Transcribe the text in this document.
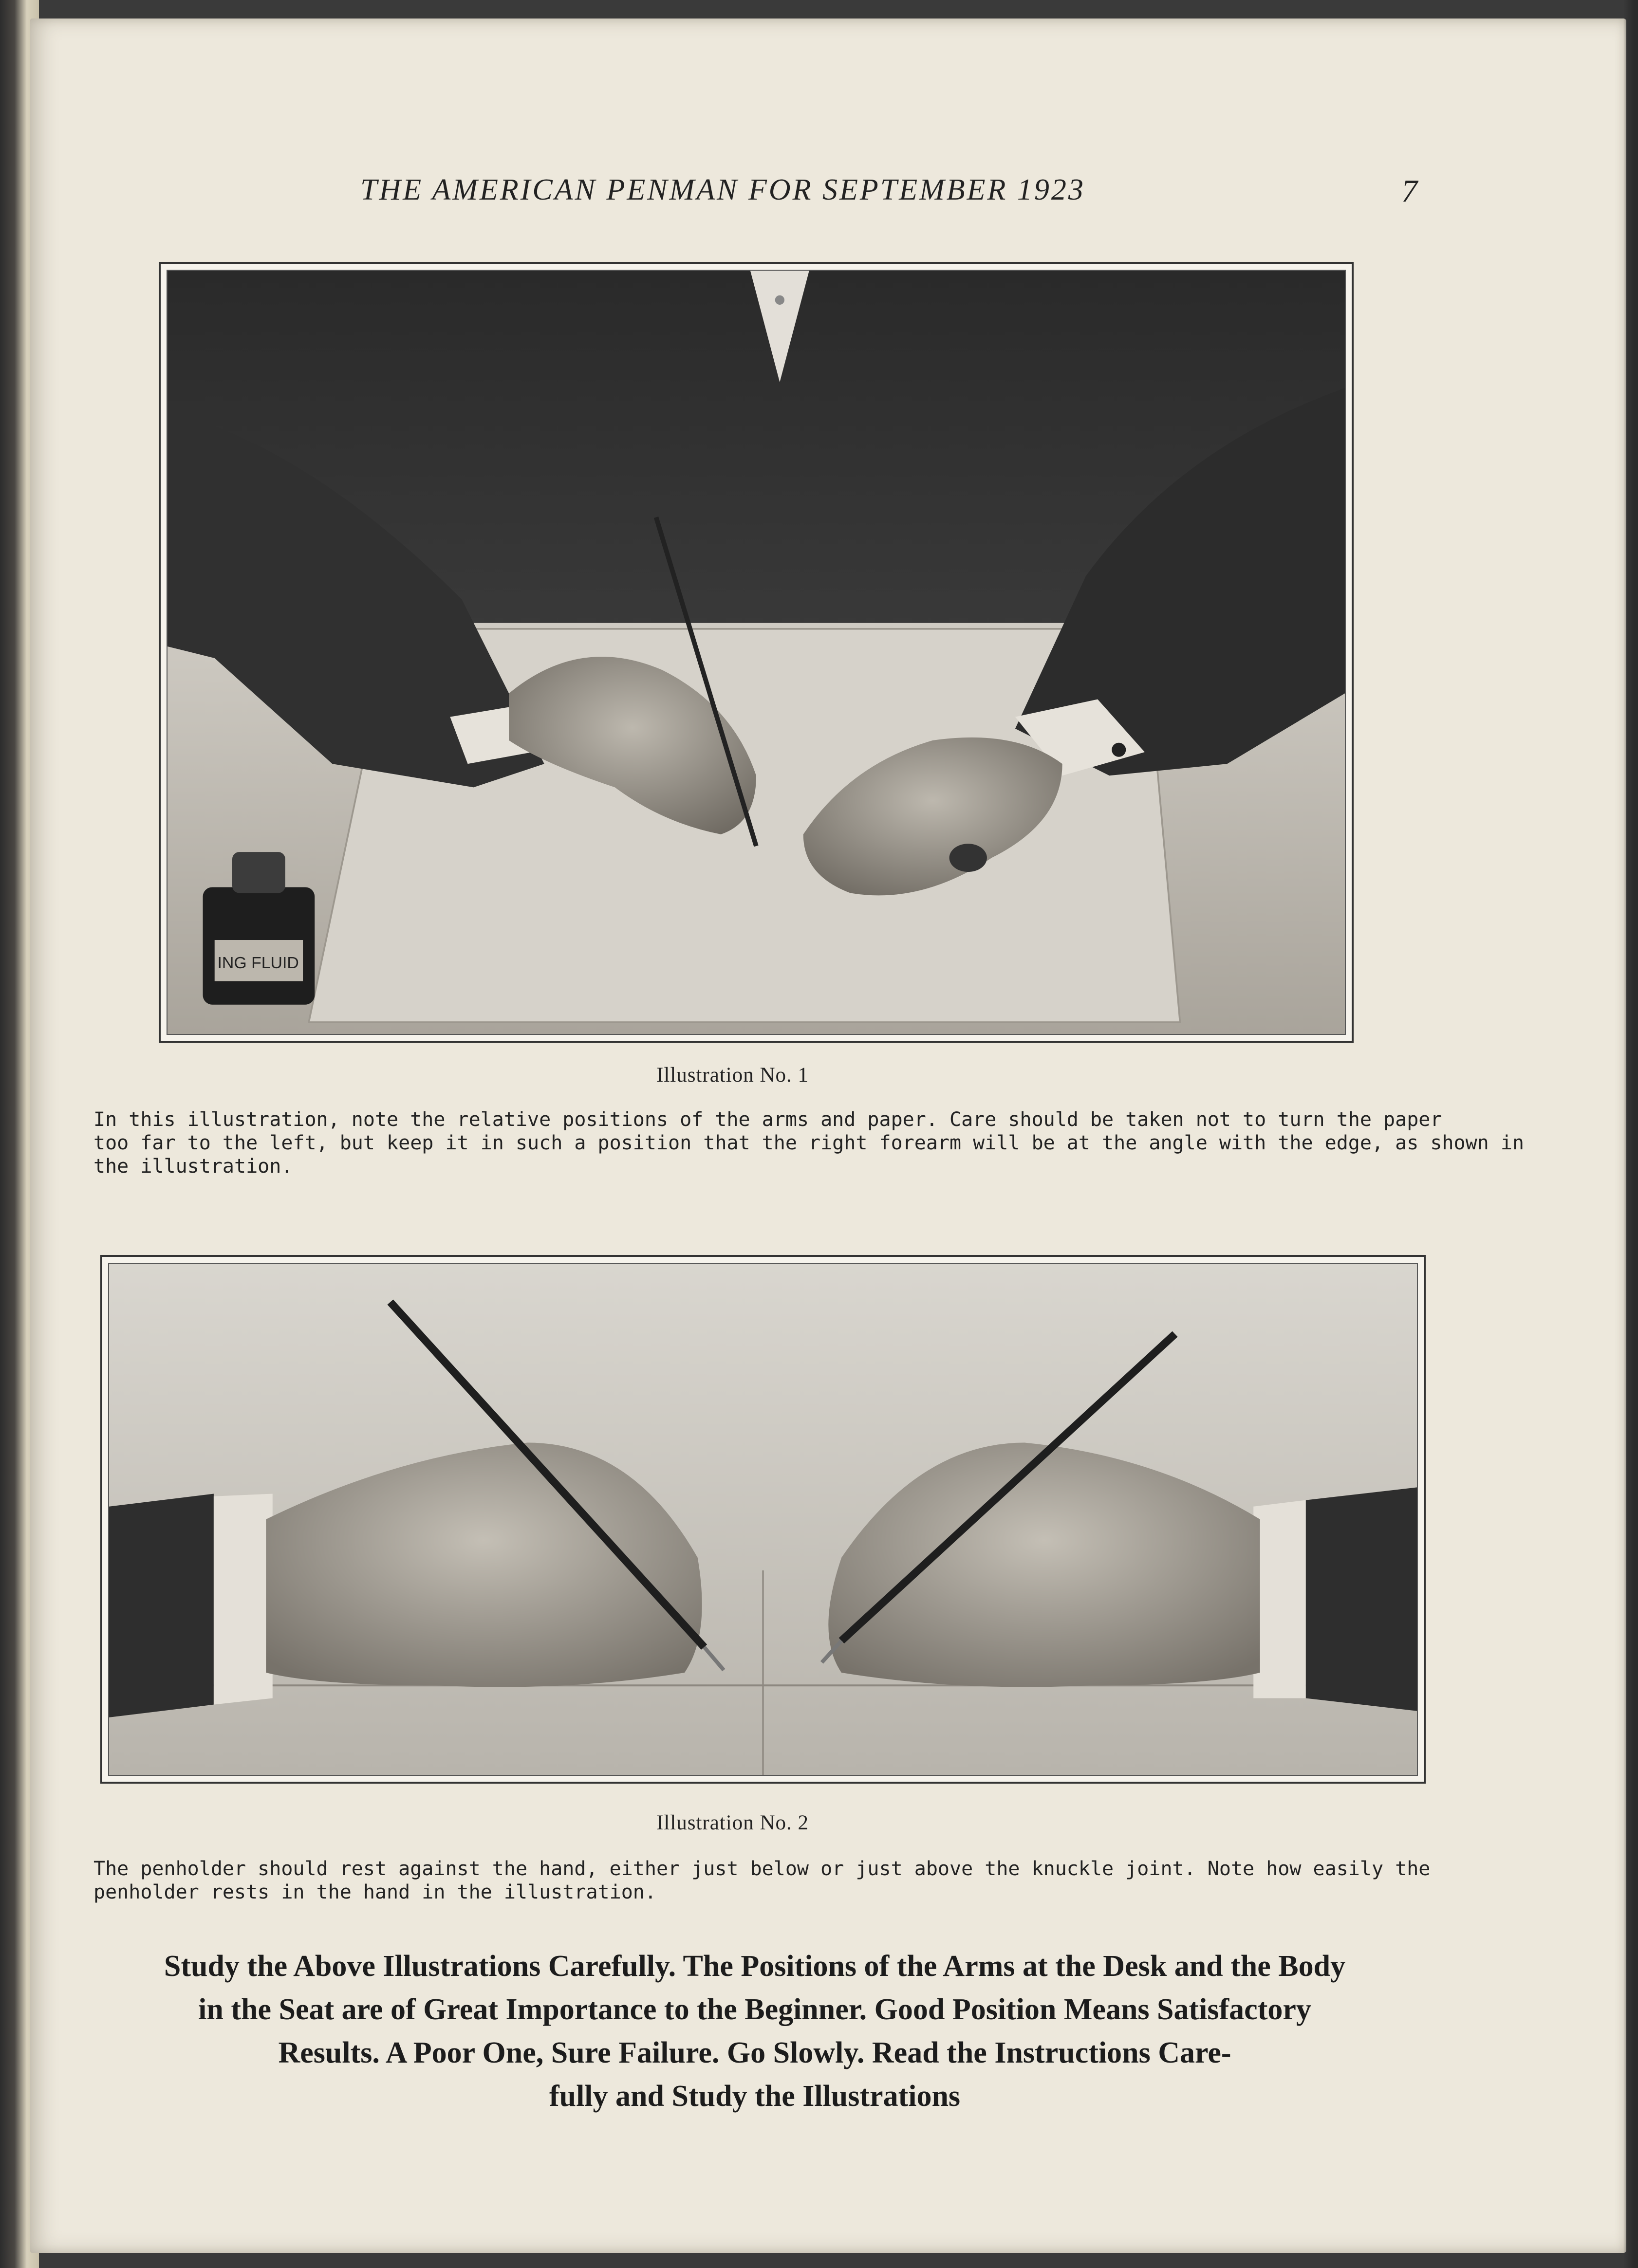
THE AMERICAN PENMAN FOR SEPTEMBER 1923	7
ING FLUID
Illustration No. 1
In this illustration, note the relative positions of the arms and paper. Care should be taken not to turn the paper
too far to the left, but keep it in such a position that the right forearm will be at the angle with the edge, as shown in
the illustration.
Illustration No. 2
The penholder should rest against the hand, either just below or just above the knuckle joint. Note how easily the
penholder rests in the hand in the illustration.
Study the Above Illustrations Carefully. The Positions of the Arms at the Desk and the Body
in the Seat are of Great Importance to the Beginner. Good Position Means Satisfactory
Results. A Poor One, Sure Failure. Go Slowly. Read the Instructions Care-
fully and Study the Illustrations
